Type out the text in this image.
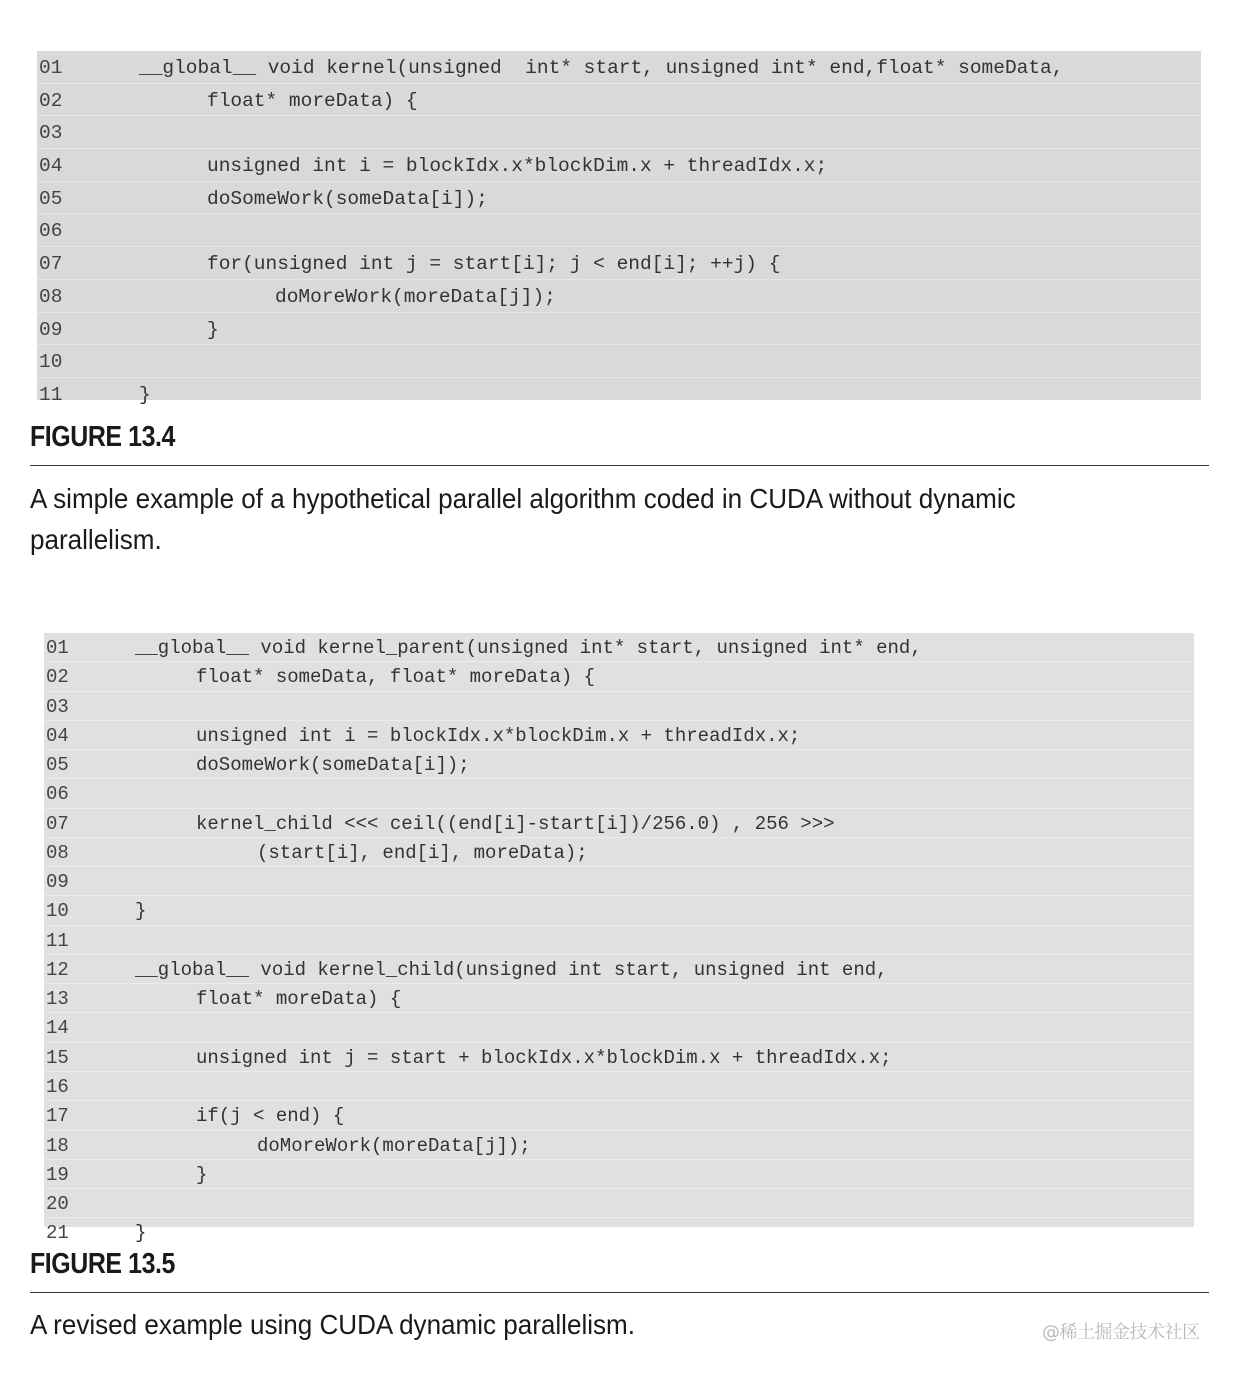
01	__global__ void kernel(unsigned  int* start, unsigned int* end,float* someData,
02	float* moreData) {
03
04	unsigned int i = blockIdx.x*blockDim.x + threadIdx.x;
05	doSomeWork(someData[i]);
06
07	for(unsigned int j = start[i]; j < end[i]; ++j) {
08	doMoreWork(moreData[j]);
09	}
10
11	}
FIGURE 13.4
A simple example of a hypothetical parallel algorithm coded in CUDA without dynamic parallelism.
01	__global__ void kernel_parent(unsigned int* start, unsigned int* end,
02	float* someData, float* moreData) {
03
04	unsigned int i = blockIdx.x*blockDim.x + threadIdx.x;
05	doSomeWork(someData[i]);
06
07	kernel_child <<< ceil((end[i]-start[i])/256.0) , 256 >>>
08	(start[i], end[i], moreData);
09
10	}
11
12	__global__ void kernel_child(unsigned int start, unsigned int end,
13	float* moreData) {
14
15	unsigned int j = start + blockIdx.x*blockDim.x + threadIdx.x;
16
17	if(j < end) {
18	doMoreWork(moreData[j]);
19	}
20
21	}
FIGURE 13.5
A revised example using CUDA dynamic parallelism.	@稀土掘金技术社区
